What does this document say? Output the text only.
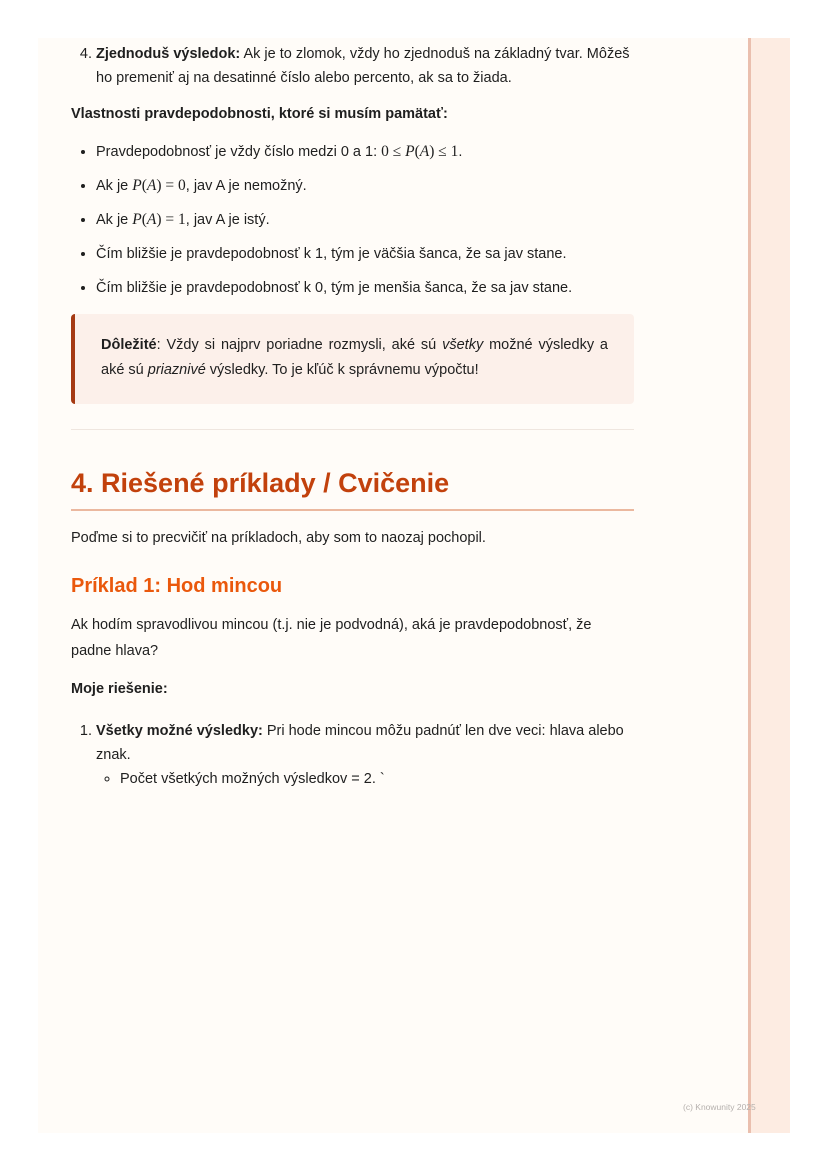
4. Zjednoduš výsledok: Ak je to zlomok, vždy ho zjednoduš na základný tvar. Môžeš ho premeniť aj na desatinné číslo alebo percento, ak sa to žiada.

Vlastnosti pravdepodobnosti, ktoré si musím pamätať:

• Pravdepodobnosť je vždy číslo medzi 0 a 1: 0 ≤ P(A) ≤ 1.
• Ak je P(A) = 0, jav A je nemožný.
• Ak je P(A) = 1, jav A je istý.
• Čím bližšie je pravdepodobnosť k 1, tým je väčšia šanca, že sa jav stane.
• Čím bližšie je pravdepodobnosť k 0, tým je menšia šanca, že sa jav stane.
Dôležité: Vždy si najprv poriadne rozmysli, aké sú všetky možné výsledky a aké sú priaznivé výsledky. To je kľúč k správnemu výpočtu!
4. Riešené príklady / Cvičenie

Poďme si to precvičiť na príkladoch, aby som to naozaj pochopil.

Príklad 1: Hod mincou

Ak hodím spravodlivou mincou (t.j. nie je podvodná), aká je pravdepodobnosť, že padne hlava?

Moje riešenie:

1. Všetky možné výsledky: Pri hode mincou môžu padnúť len dve veci: hlava alebo znak.
◦ Počet všetkých možných výsledkov = 2. `
(c) Knowunity 2025
